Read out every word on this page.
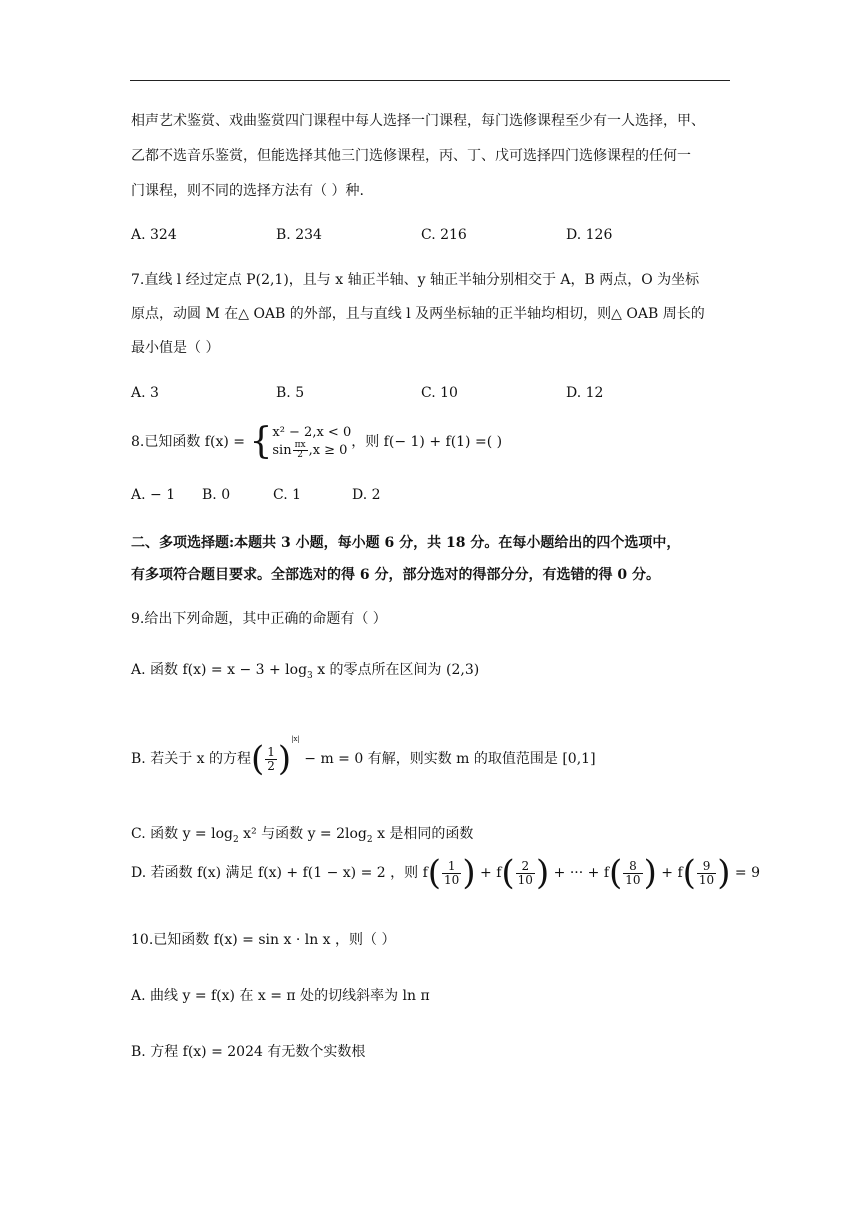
相声艺术鉴赏、戏曲鉴赏四门课程中每人选择一门课程，每门选修课程至少有一人选择，甲、
乙都不选音乐鉴赏，但能选择其他三门选修课程，丙、丁、戊可选择四门选修课程的任何一
门课程，则不同的选择方法有（ ）种.
A. 324	B. 234	C. 216	D. 126
7.直线 l 经过定点 P(2,1)，且与 x 轴正半轴、y 轴正半轴分别相交于 A，B 两点，O 为坐标
原点，动圆 M 在△ OAB 的外部，且与直线 l 及两坐标轴的正半轴均相切，则△ OAB 周长的
最小值是（ ）
A. 3	B. 5	C. 10	D. 12
8.已知函数 f(x) = { x² − 2,x < 0
$\sin \frac{\pi x}{2} ,x \ge 0$
，则 f(− 1) + f(1) =( )
A. − 1 B. 0	C. 1	D. 2
二、多项选择题:本题共 3 小题，每小题 6 分，共 18 分。在每小题给出的四个选项中，
有多项符合题目要求。全部选对的得 6 分，部分选对的得部分分，有选错的得 0 分。
9.给出下列命题，其中正确的命题有（ ）
A. 函数 $f(x) = x - 3 + \log_3 x$ 的零点所在区间为 (2,3)
B. 若关于 x 的方程( $\frac{1}{2} )^{|x|} - m = 0$ 有解，则实数 m 的取值范围是 [0,1]
C. 函数 $y = \log_2 x^2$ 与函数 $y = 2\log_2$ x 是相同的函数
D. 若函数 f(x) 满足 f(x) + f(1 − x) = 2 ，则 $f( \frac{1}{10}$ ) + $f( \frac{2}{10}$ ) + ··· + $f( \frac{8}{10}$ ) + $f( \frac{9}{10}$ ) = 9
10.已知函数 f(x) = sin x · ln x ，则（ ）
A. 曲线 y = f(x) 在 x = π 处的切线斜率为 ln π
B. 方程 f(x) = 2024 有无数个实数根
